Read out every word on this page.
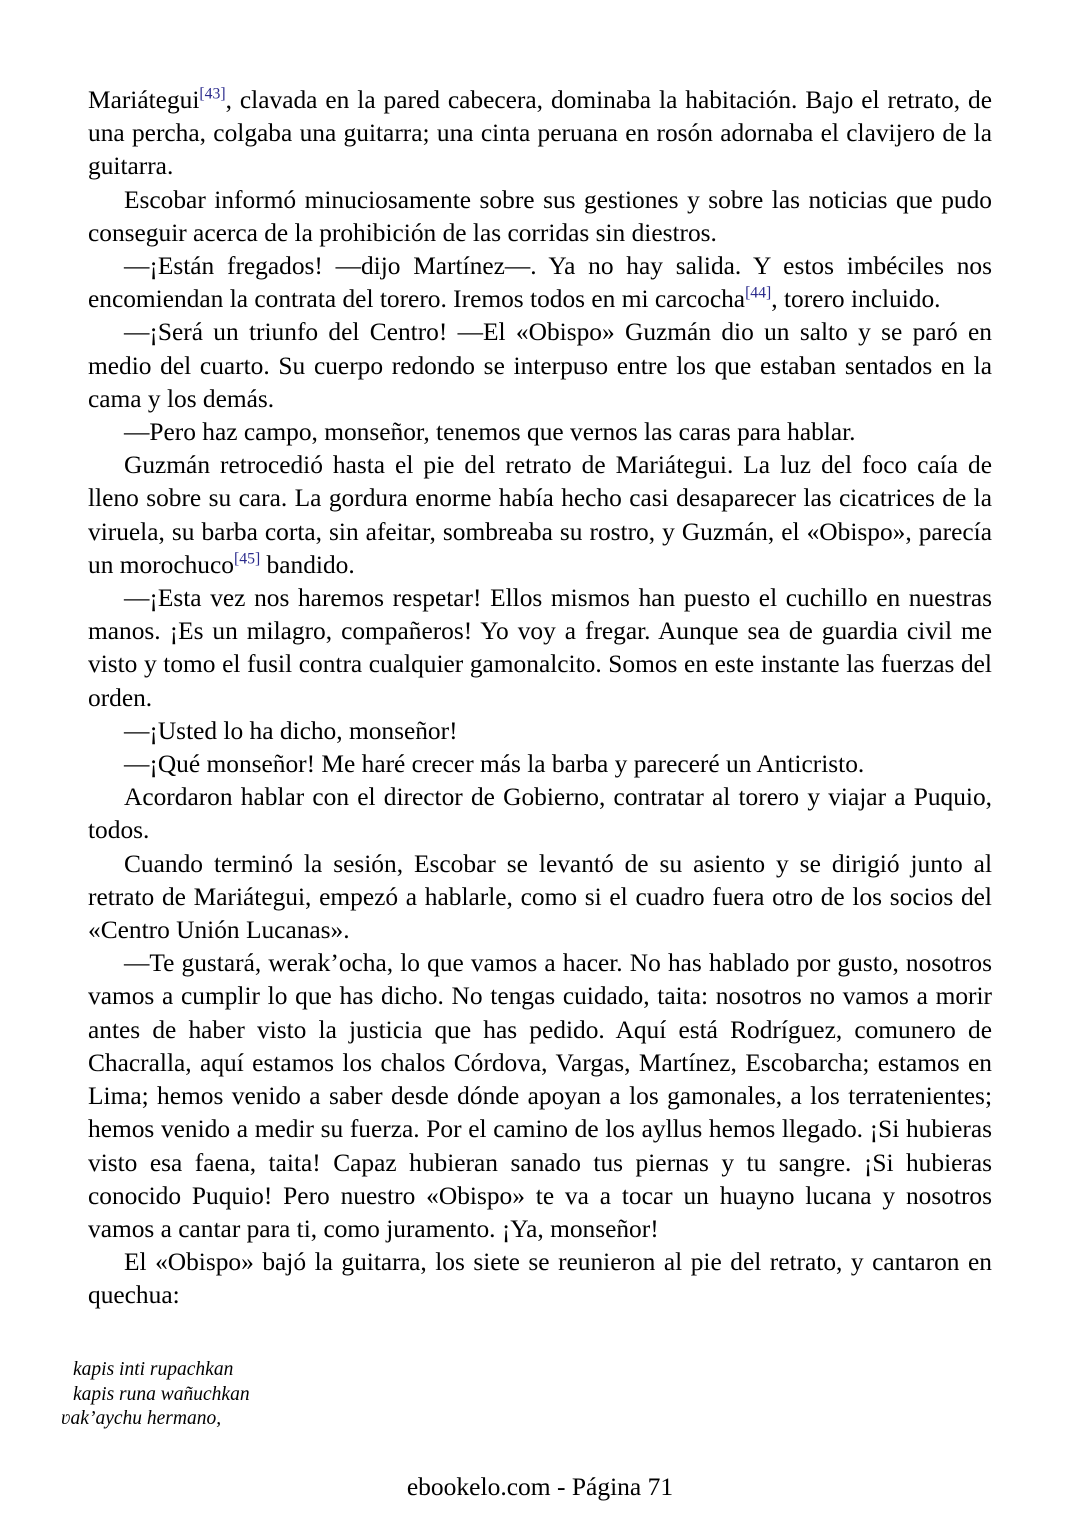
Mariátegui[43], clavada en la pared cabecera, dominaba la habitación. Bajo el retrato, de una percha, colgaba una guitarra; una cinta peruana en rosón adornaba el clavijero de la guitarra.

Escobar informó minuciosamente sobre sus gestiones y sobre las noticias que pudo conseguir acerca de la prohibición de las corridas sin diestros.

—¡Están fregados! —dijo Martínez—. Ya no hay salida. Y estos imbéciles nos encomiendan la contrata del torero. Iremos todos en mi carcocha[44], torero incluido.

—¡Será un triunfo del Centro! —El «Obispo» Guzmán dio un salto y se paró en medio del cuarto. Su cuerpo redondo se interpuso entre los que estaban sentados en la cama y los demás.

—Pero haz campo, monseñor, tenemos que vernos las caras para hablar.

Guzmán retrocedió hasta el pie del retrato de Mariátegui. La luz del foco caía de lleno sobre su cara. La gordura enorme había hecho casi desaparecer las cicatrices de la viruela, su barba corta, sin afeitar, sombreaba su rostro, y Guzmán, el «Obispo», parecía un morochuco[45] bandido.

—¡Esta vez nos haremos respetar! Ellos mismos han puesto el cuchillo en nuestras manos. ¡Es un milagro, compañeros! Yo voy a fregar. Aunque sea de guardia civil me visto y tomo el fusil contra cualquier gamonalcito. Somos en este instante las fuerzas del orden.

—¡Usted lo ha dicho, monseñor!

—¡Qué monseñor! Me haré crecer más la barba y pareceré un Anticristo.

Acordaron hablar con el director de Gobierno, contratar al torero y viajar a Puquio, todos.

Cuando terminó la sesión, Escobar se levantó de su asiento y se dirigió junto al retrato de Mariátegui, empezó a hablarle, como si el cuadro fuera otro de los socios del «Centro Unión Lucanas».

—Te gustará, werak’ocha, lo que vamos a hacer. No has hablado por gusto, nosotros vamos a cumplir lo que has dicho. No tengas cuidado, taita: nosotros no vamos a morir antes de haber visto la justicia que has pedido. Aquí está Rodríguez, comunero de Chacralla, aquí estamos los chalos Córdova, Vargas, Martínez, Escobarcha; estamos en Lima; hemos venido a saber desde dónde apoyan a los gamonales, a los terratenientes; hemos venido a medir su fuerza. Por el camino de los ayllus hemos llegado. ¡Si hubieras visto esa faena, taita! Capaz hubieran sanado tus piernas y tu sangre. ¡Si hubieras conocido Puquio! Pero nuestro «Obispo» te va a tocar un huayno lucana y nosotros vamos a cantar para ti, como juramento. ¡Ya, monseñor!

El «Obispo» bajó la guitarra, los siete se reunieron al pie del retrato, y cantaron en quechua:

kapis inti rupachkan
kapis runa wañuchkan
ʋak’aychu hermano,
ebookelo.com - Página 71
